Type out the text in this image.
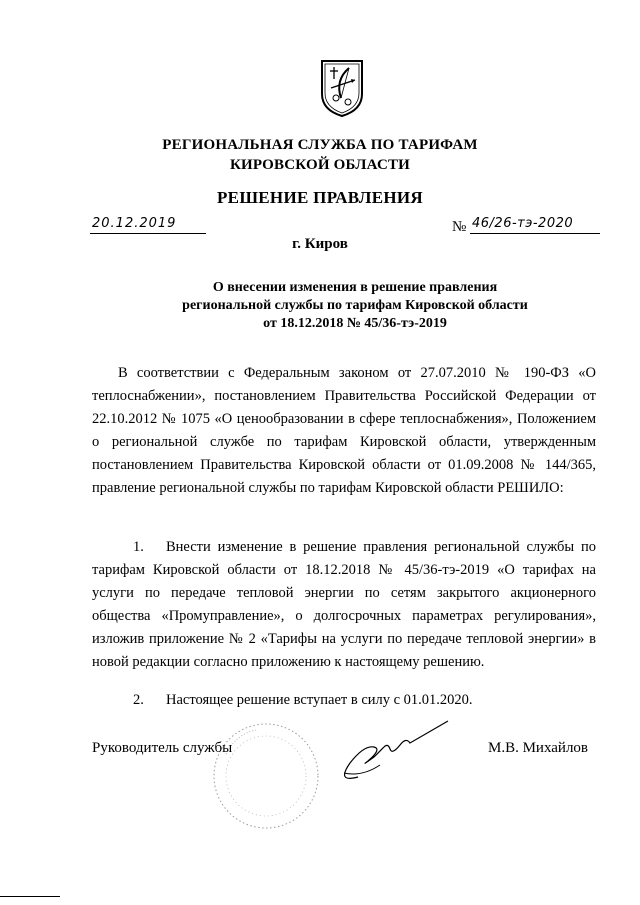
РЕГИОНАЛЬНАЯ СЛУЖБА ПО ТАРИФАМ
КИРОВСКОЙ ОБЛАСТИ
РЕШЕНИЕ ПРАВЛЕНИЯ
20.12.2019	№ 46/26-тэ-2020
г. Киров
О внесении изменения в решение правления
региональной службы по тарифам Кировской области
от 18.12.2018 № 45/36-тэ-2019
В соответствии с Федеральным законом от 27.07.2010 № 190-ФЗ «О теплоснабжении», постановлением Правительства Российской Федерации от 22.10.2012 № 1075 «О ценообразовании в сфере теплоснабжения», Положением о региональной службе по тарифам Кировской области, утвержденным постановлением Правительства Кировской области от 01.09.2008 № 144/365, правление региональной службы по тарифам Кировской области РЕШИЛО:
1. Внести изменение в решение правления региональной службы по тарифам Кировской области от 18.12.2018 № 45/36-тэ-2019 «О тарифах на услуги по передаче тепловой энергии по сетям закрытого акционерного общества «Промуправление», о долгосрочных параметрах регулирования», изложив приложение № 2 «Тарифы на услуги по передаче тепловой энергии» в новой редакции согласно приложению к настоящему решению.
2. Настоящее решение вступает в силу с 01.01.2020.
Руководитель службы	М.В. Михайлов
